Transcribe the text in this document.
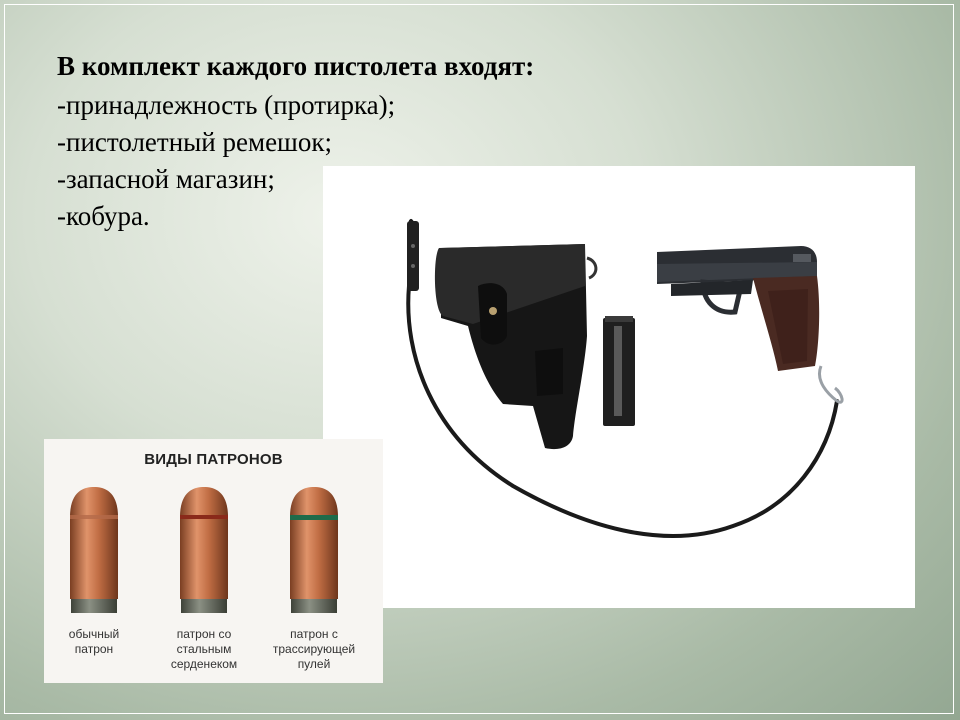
В комплект каждого пистолета входят:
-принадлежность (протирка);
-пистолетный ремешок;
-запасной магазин;
-кобура.
ВИДЫ ПАТРОНОВ
обычный
патрон
патрон со
стальным
серденеком
патрон с
трассирующей
пулей
